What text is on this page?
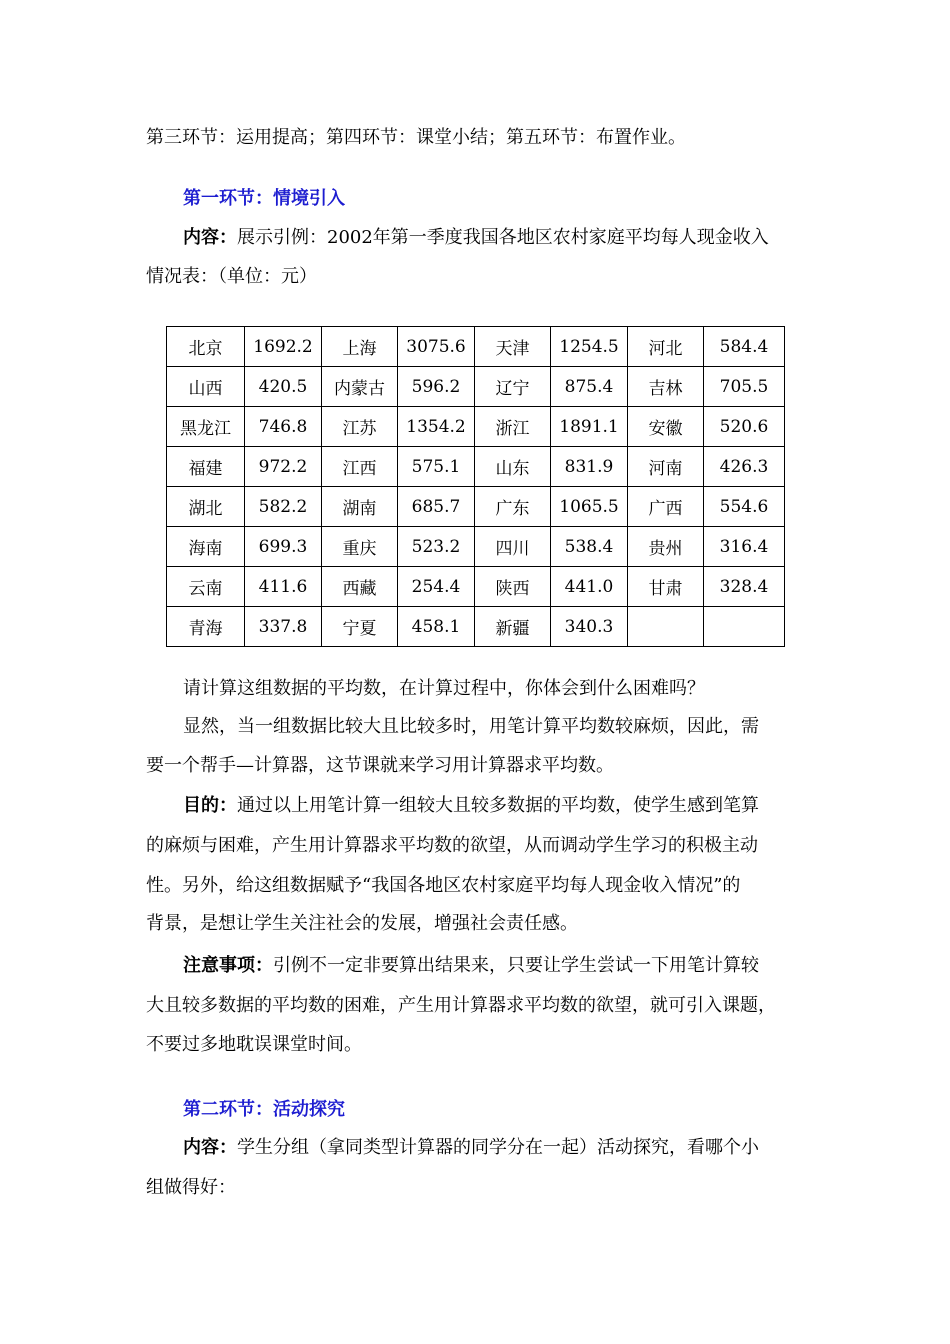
第三环节：运用提高；第四环节：课堂小结；第五环节：布置作业。
第一环节：情境引入
内容：展示引例：2002年第一季度我国各地区农村家庭平均每人现金收入
情况表：（单位：元）
北京	1692.2	上海	3075.6	天津	1254.5	河北	584.4
山西	420.5	内蒙古	596.2	辽宁	875.4	吉林	705.5
黑龙江	746.8	江苏	1354.2	浙江	1891.1	安徽	520.6
福建	972.2	江西	575.1	山东	831.9	河南	426.3
湖北	582.2	湖南	685.7	广东	1065.5	广西	554.6
海南	699.3	重庆	523.2	四川	538.4	贵州	316.4
云南	411.6	西藏	254.4	陕西	441.0	甘肃	328.4
青海	337.8	宁夏	458.1	新疆	340.3		
请计算这组数据的平均数，在计算过程中，你体会到什么困难吗？
显然，当一组数据比较大且比较多时，用笔计算平均数较麻烦，因此，需
要一个帮手—计算器，这节课就来学习用计算器求平均数。
目的：通过以上用笔计算一组较大且较多数据的平均数，使学生感到笔算
的麻烦与困难，产生用计算器求平均数的欲望，从而调动学生学习的积极主动
性。另外，给这组数据赋予“我国各地区农村家庭平均每人现金收入情况”的
背景，是想让学生关注社会的发展，增强社会责任感。
注意事项：引例不一定非要算出结果来，只要让学生尝试一下用笔计算较
大且较多数据的平均数的困难，产生用计算器求平均数的欲望，就可引入课题，
不要过多地耽误课堂时间。
第二环节：活动探究
内容：学生分组（拿同类型计算器的同学分在一起）活动探究，看哪个小
组做得好：
